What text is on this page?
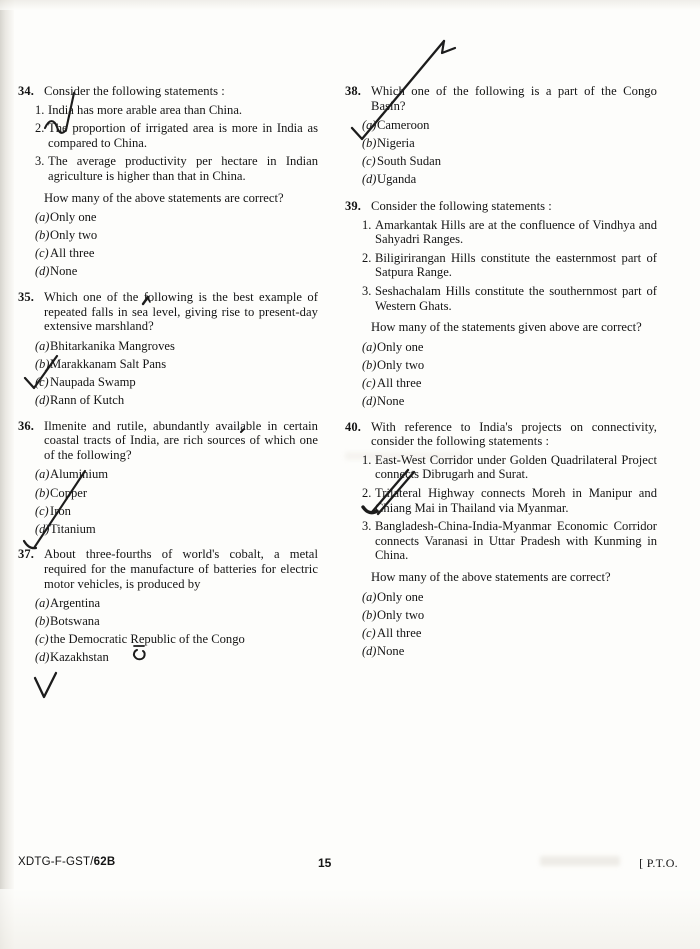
34. Consider the following statements :
1. India has more arable area than China.
2. The proportion of irrigated area is more in India as compared to China.
3. The average productivity per hectare in Indian agriculture is higher than that in China.
How many of the above statements are correct?
(a) Only one
(b) Only two
(c) All three
(d) None
35. Which one of the following is the best example of repeated falls in sea level, giving rise to present-day extensive marshland?
(a) Bhitarkanika Mangroves
(b) Marakkanam Salt Pans
(c) Naupada Swamp
(d) Rann of Kutch
36. Ilmenite and rutile, abundantly available in certain coastal tracts of India, are rich sources of which one of the following?
(a) Aluminium
(b) Copper
(c) Iron
(d) Titanium
37. About three-fourths of world's cobalt, a metal required for the manufacture of batteries for electric motor vehicles, is produced by
(a) Argentina
(b) Botswana
(c) the Democratic Republic of the Congo
(d) Kazakhstan
38. Which one of the following is a part of the Congo Basin?
(a) Cameroon
(b) Nigeria
(c) South Sudan
(d) Uganda
39. Consider the following statements :
1. Amarkantak Hills are at the confluence of Vindhya and Sahyadri Ranges.
2. Biligirirangan Hills constitute the easternmost part of Satpura Range.
3. Seshachalam Hills constitute the southernmost part of Western Ghats.
How many of the statements given above are correct?
(a) Only one
(b) Only two
(c) All three
(d) None
40. With reference to India's projects on connectivity, consider the following statements :
1. East-West Corridor under Golden Quadrilateral Project connects Dibrugarh and Surat.
2. Trilateral Highway connects Moreh in Manipur and Chiang Mai in Thailand via Myanmar.
3. Bangladesh-China-India-Myanmar Economic Corridor connects Varanasi in Uttar Pradesh with Kunming in China.
How many of the above statements are correct?
(a) Only one
(b) Only two
(c) All three
(d) None
XDTG-F-GST/62B	15	[ P.T.O.
